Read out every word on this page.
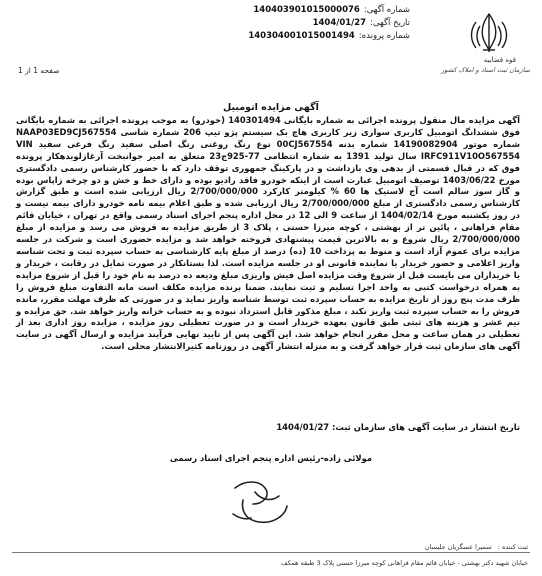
قوه قضاییه
سازمان ثبت اسناد و املاک کشور
شماره آگهی:
140403901015000076
تاریخ آگهی:
1404/01/27
شماره پرونده:
140304001015001494
صفحه 1 از 1
آگهی مزایده اتومبیل

آگهی مزایده مال منقول پرونده اجرائی به شماره بایگانی 140301494 (خودرو) به موجب پرونده اجرائی به شماره بایگانی فوق ششدانگ اتومبیل کاربری سواری زیر کاربری هاچ بک سیستم پژو تیپ 206 شماره شاسی NAAP03ED9CJ567554 شماره موتور 14190082904 شماره بدنه 00CJ567554 نوع رنگ روغنی رنگ اصلی سفید رنگ فرعی سفید VIN IRFC911V10O567554 سال تولید 1391 به شماره انتظامی 77-925ج23 متعلق به امیر جوانبخت آرغازلوبدهکار پرونده فوق که در قبال قسمتی از بدهی وی بازداشت و در پارکینگ جمهوری توقف دارد که با حضور کارشناس رسمی دادگستری مورخ 1403/06/22 توصیف اتومبیل عبارت است از اینکه خودرو فاقد رادیو بوده و دارای خط و خش و دو چرخه زاپاس بوده و گاز سوز سالم است آج لاستیک ها 60 % کیلومتر کارکرد 2/700/000/000 ریال ارزیابی شده است و طبق گزارش کارشناس رسمی دادگستری از مبلغ 2/700/000/000 ریال ارزیابی شده و طبق اعلام بیمه نامه خودرو دارای بیمه نیست و در روز یکشنبه مورخ 1404/02/14 از ساعت 9 الی 12 در محل اداره پنجم اجرای اسناد رسمی واقع در تهران ، خیابان قائم مقام فراهانی ، پائین تر از بهشتی ، کوچه میرزا حسنی ، پلاک 3 از طریق مزایده به فروش می رسد و مزایده از مبلغ 2/700/000/000 ریال شروع و به بالاترین قیمت پیشنهادی فروخته خواهد شد و مزایده حضوری است و شرکت در جلسه مزایده برای عموم آزاد است و منوط به پرداخت 10 (ده) درصد از مبلغ پایه کارشناسی به حساب سپرده ثبت و تحت شناسه واریز اعلامی و حضور خریدار یا نماینده قانونی او در جلسه مزایده است. لذا بستانکار در صورت تمایل در رقابت ، خریدار و یا خریداران می بایست قبل از شروع وقت مزایده اصل فیش واریزی مبلغ ودیعه ده درصد به نام خود را قبل از شروع مزایده به همراه درخواست کتبی به واحد اجرا تسلیم و ثبت نمایند. ضمنا برنده مزایده مکلف است مابه التفاوت مبلغ فروش را ظرف مدت پنج روز از تاریخ مزایده به حساب سپرده ثبت توسط شناسه واریز نماید و در صورتی که ظرف مهلت مقرر، مانده فروش را به حساب سپرده ثبت واریز نکند ، مبلغ مذکور قابل استرداد نبوده و به حساب خزانه واریز خواهد شد. حق مزایده و نیم عشر و هزینه های ثبتی طبق قانون بعهده خریدار است و در صورت تعطیلی روز مزایده ، مزایده روز اداری بعد از تعطیلی در همان ساعت و محل مقرر انجام خواهد شد. این آگهی پس از تایید نهایی فرآیند مزایده و ارسال آگهی در سایت آگهی های سازمان ثبت قرار خواهد گرفت و به منزله انتشار آگهی در روزنامه کثیرالانتشار محلی است.

تاریخ انتشار در سایت آگهی های سازمان ثبت: 1404/01/27
مولائی زاده-رئیس اداره پنجم اجرای اسناد رسمی
ثبت کننده :سمیرا عسگریان جلیسان
خیابان شهید دکتر بهشتی - خیابان قائم مقام فراهانی کوچه میرزا حسنی پلاک 3 طبقه همکف
